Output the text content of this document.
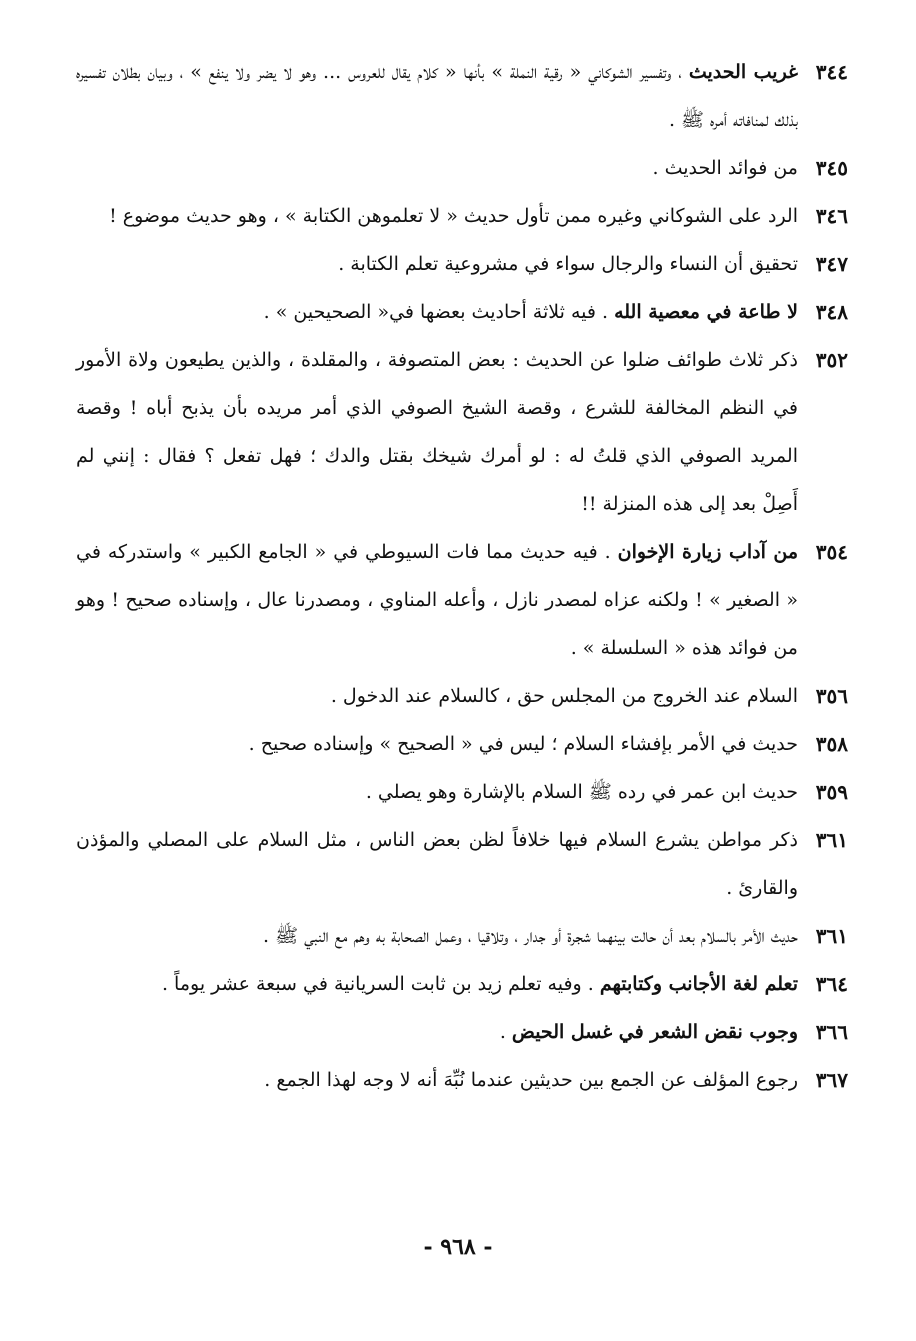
٣٤٤
غريب الحديث ، وتفسير الشوكاني « رقية النملة » بأنها « كلام يقال للعروس ... وهو لا يضر ولا ينفع » ، وبيان بطلان تفسيره بذلك لمنافاته أمره ﷺ .
٣٤٥
من فوائد الحديث .
٣٤٦
الرد على الشوكاني وغيره ممن تأول حديث « لا تعلموهن الكتابة » ، وهو حديث موضوع !
٣٤٧
تحقيق أن النساء والرجال سواء في مشروعية تعلم الكتابة .
٣٤٨
لا طاعة في معصية الله . فيه ثلاثة أحاديث بعضها في« الصحيحين » .
٣٥٢
ذكر ثلاث طوائف ضلوا عن الحديث : بعض المتصوفة ، والمقلدة ، والذين يطيعون ولاة الأمور في النظم المخالفة للشرع ، وقصة الشيخ الصوفي الذي أمر مريده بأن يذبح أباه ! وقصة المريد الصوفي الذي قلتُ له : لو أمرك شيخك بقتل والدك ؛ فهل تفعل ؟ فقال : إنني لم أَصِلْ بعد إلى هذه المنزلة !!
٣٥٤
من آداب زيارة الإخوان . فيه حديث مما فات السيوطي في « الجامع الكبير » واستدركه في « الصغير » ! ولكنه عزاه لمصدر نازل ، وأعله المناوي ، ومصدرنا عال ، وإسناده صحيح ! وهو من فوائد هذه « السلسلة » .
٣٥٦
السلام عند الخروج من المجلس حق ، كالسلام عند الدخول .
٣٥٨
حديث في الأمر بإفشاء السلام ؛ ليس في « الصحيح » وإسناده صحيح .
٣٥٩
حديث ابن عمر في رده ﷺ السلام بالإشارة وهو يصلي .
٣٦١
ذكر مواطن يشرع السلام فيها خلافاً لظن بعض الناس ، مثل السلام على المصلي والمؤذن والقارئ .
٣٦١
حديث الأمر بالسلام بعد أن حالت بينهما شجرة أو جدار ، وتلاقيا ، وعمل الصحابة به وهم مع النبي ﷺ .
٣٦٤
تعلم لغة الأجانب وكتابتهم . وفيه تعلم زيد بن ثابت السريانية في سبعة عشر يوماً .
٣٦٦
وجوب نقض الشعر في غسل الحيض .
٣٦٧
رجوع المؤلف عن الجمع بين حديثين عندما نُبِّهَ أنه لا وجه لهذا الجمع .
- ٩٦٨ -
